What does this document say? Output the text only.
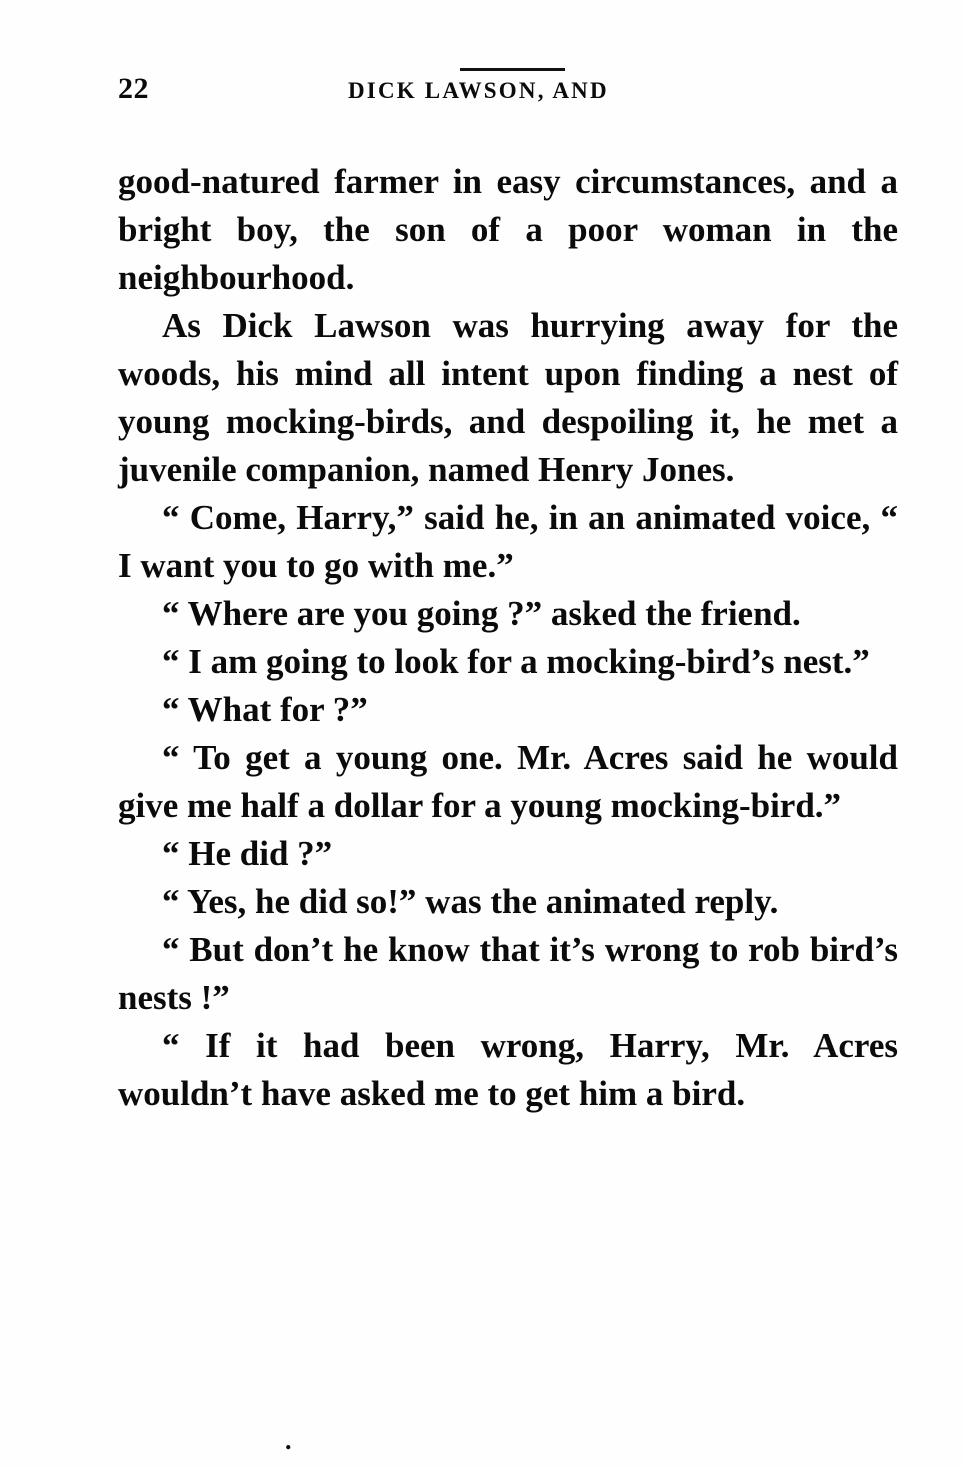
22	DICK LAWSON, AND

good-natured farmer in easy circumstances, and a bright boy, the son of a poor woman in the neighbourhood.

As Dick Lawson was hurrying away for the woods, his mind all intent upon finding a nest of young mocking-birds, and despoiling it, he met a juvenile companion, named Henry Jones.

“ Come, Harry,” said he, in an animated voice, “ I want you to go with me.”

“ Where are you going ?” asked the friend.

“ I am going to look for a mocking-bird’s nest.”

“ What for ?”

“ To get a young one. Mr. Acres said he would give me half a dollar for a young mocking-bird.”

“ He did ?”

“ Yes, he did so!” was the animated reply.

“ But don’t he know that it’s wrong to rob bird’s nests !”

“ If it had been wrong, Harry, Mr. Acres wouldn’t have asked me to get him a bird.

.
